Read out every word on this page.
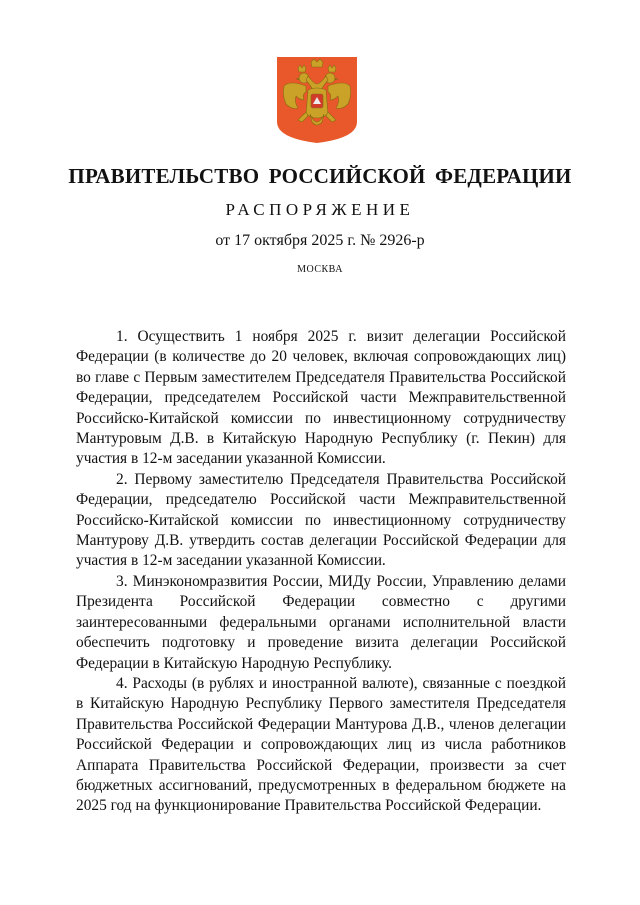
ПРАВИТЕЛЬСТВО РОССИЙСКОЙ ФЕДЕРАЦИИ
РАСПОРЯЖЕНИЕ
от 17 октября 2025 г. № 2926-р
МОСКВА

1. Осуществить 1 ноября 2025 г. визит делегации Российской Федерации (в количестве до 20 человек, включая сопровождающих лиц) во главе с Первым заместителем Председателя Правительства Российской Федерации, председателем Российской части Межправительственной Российско-Китайской комиссии по инвестиционному сотрудничеству Мантуровым Д.В. в Китайскую Народную Республику (г. Пекин) для участия в 12-м заседании указанной Комиссии.

2. Первому заместителю Председателя Правительства Российской Федерации, председателю Российской части Межправительственной Российско-Китайской комиссии по инвестиционному сотрудничеству Мантурову Д.В. утвердить состав делегации Российской Федерации для участия в 12-м заседании указанной Комиссии.

3. Минэкономразвития России, МИДу России, Управлению делами Президента Российской Федерации совместно с другими заинтересованными федеральными органами исполнительной власти обеспечить подготовку и проведение визита делегации Российской Федерации в Китайскую Народную Республику.

4. Расходы (в рублях и иностранной валюте), связанные с поездкой в Китайскую Народную Республику Первого заместителя Председателя Правительства Российской Федерации Мантурова Д.В., членов делегации Российской Федерации и сопровождающих лиц из числа работников Аппарата Правительства Российской Федерации, произвести за счет бюджетных ассигнований, предусмотренных в федеральном бюджете на 2025 год на функционирование Правительства Российской Федерации.
